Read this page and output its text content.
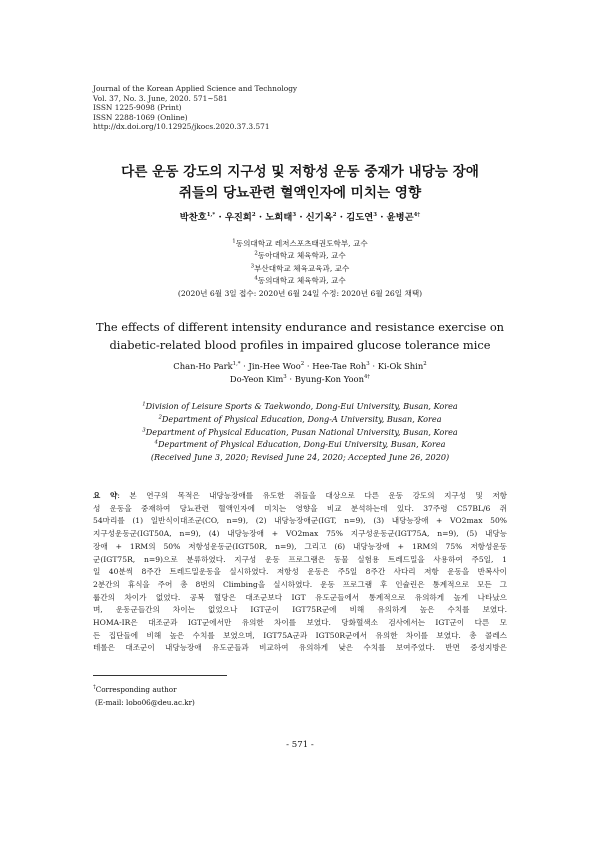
Journal of the Korean Applied Science and Technology
Vol. 37, No. 3. June, 2020. 571~581
ISSN 1225-9098 (Print)
ISSN 2288-1069 (Online)
http://dx.doi.org/10.12925/jkocs.2020.37.3.571
다른 운동 강도의 지구성 및 저항성 운동 중재가 내당능 장애
쥐들의 당뇨관련 혈액인자에 미치는 영향
박찬호$^{1,*}$ · 우진희$^2$ · 노희태$^3$ · 신기옥$^2$ · 김도연$^3$ · 윤병곤$^{4\dagger}$
$^1$동의대학교 레저스포츠태권도학부, 교수
$^2$동아대학교 체육학과, 교수
$^3$부산대학교 체육교육과, 교수
$^4$동의대학교 체육학과, 교수
(2020년 6월 3일 접수: 2020년 6월 24일 수정: 2020년 6월 26일 채택)
The effects of different intensity endurance and resistance exercise on
diabetic-related blood profiles in impaired glucose tolerance mice
Chan-Ho Park$^{1,*}$ · Jin-Hee Woo$^2$ · Hee-Tae Roh$^3$ · Ki-Ok Shin$^2$
Do-Yeon Kim$^3$ · Byung-Kon Yoon$^{4\dagger}$
$^1$Division of Leisure Sports & Taekwondo, Dong-Eui University, Busan, Korea
$^2$Department of Physical Education, Dong-A University, Busan, Korea
$^3$Department of Physical Education, Pusan National University, Busan, Korea
$^4$Department of Physical Education, Dong-Eui University, Busan, Korea
(Received June 3, 2020; Revised June 24, 2020; Accepted June 26, 2020)
요 약: 본 연구의 목적은 내당능장애를 유도한 쥐들을 대상으로 다른 운동 강도의 지구성 및 저항
성 운동을 중재하여 당뇨관련 혈액인자에 미치는 영향을 비교 분석하는데 있다. 37주령 C57BL/6 쥐
54마리를 (1) 일반식이대조군(CO, n=9), (2) 내당능장애군(IGT, n=9), (3) 내당능장애 + VO2max 50%
지구성운동군(IGT50A, n=9), (4) 내당능장애 + VO2max 75% 지구성운동군(IGT75A, n=9), (5) 내당능
장애 + 1RM의 50% 저항성운동군(IGT50R, n=9), 그리고 (6) 내당능장애 + 1RM의 75% 저항성운동
군(IGT75R, n=9)으로 분류하였다. 지구성 운동 프로그램은 동물 실험용 트레드밀을 사용하여 주5일, 1
일 40분씩 8주간 트레드밀운동을 실시하였다. 저항성 운동은 주5일 8주간 사다리 저항 운동을 반복사이
2분간의 휴식을 주어 총 8번의 Climbing을 실시하였다. 운동 프로그램 후 인슐린은 통계적으로 모든 그
룹간의 차이가 없었다. 공복 혈당은 대조군보다 IGT 유도군들에서 통계적으로 유의하게 높게 나타났으
며, 운동군들간의 차이는 없었으나 IGT군이 IGT75R군에 비해 유의하게 높은 수치를 보였다.
HOMA-IR은 대조군과 IGT군에서만 유의한 차이를 보였다. 당화혈색소 검사에서는 IGT군이 다른 모
든 집단들에 비해 높은 수치를 보였으며, IGT75A군과 IGT50R군에서 유의한 차이를 보였다. 총 콜레스
테롤은 대조군이 내당능장애 유도군들과 비교하여 유의하게 낮은 수치를 보여주었다. 반면 중성지방은
†Corresponding author
(E-mail: lobo06@deu.ac.kr)
- 571 -
